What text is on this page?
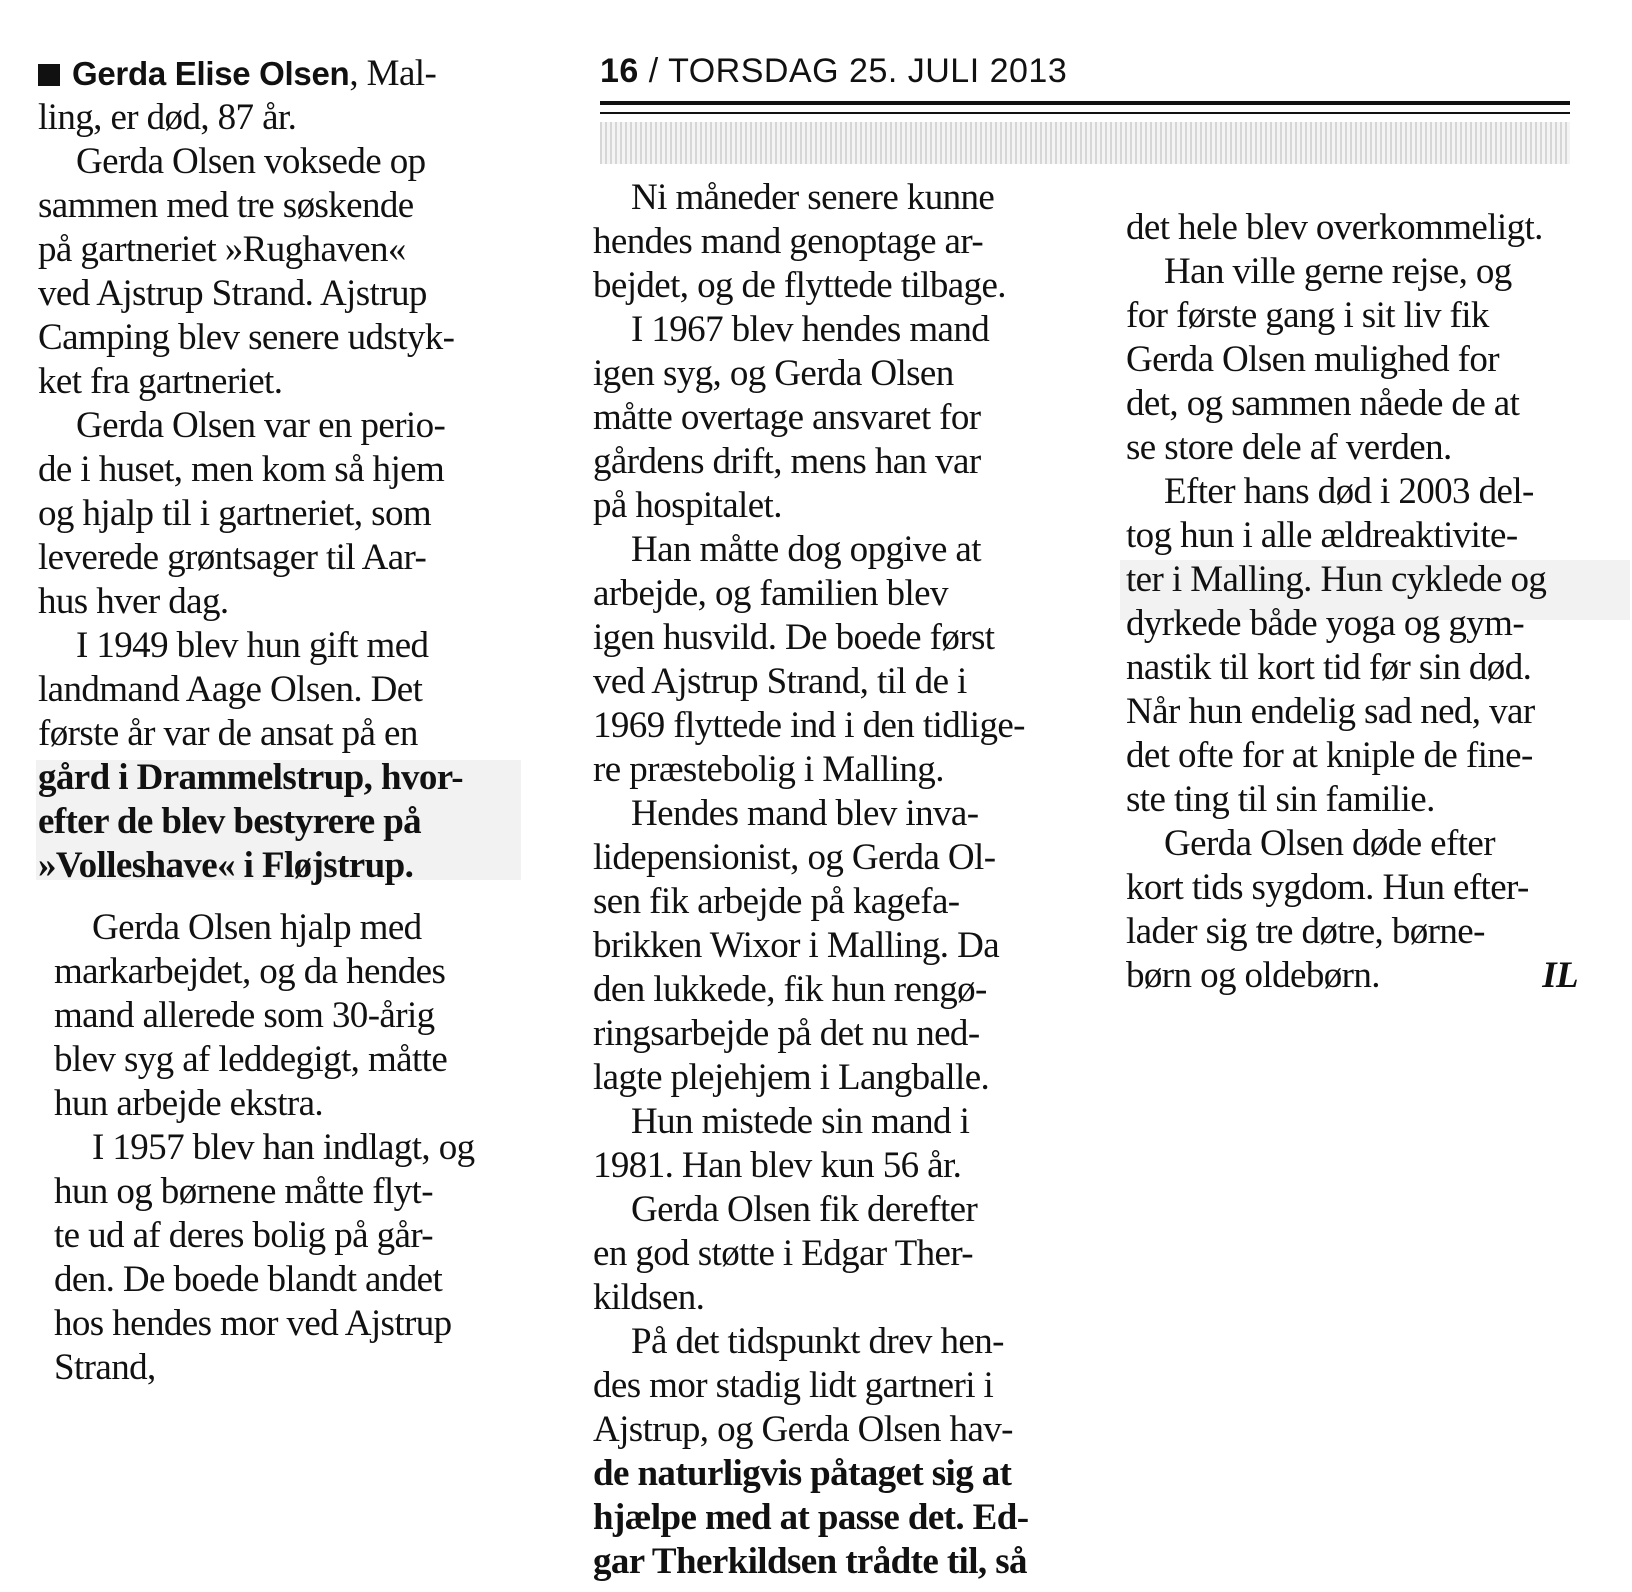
16 / TORSDAG 25. JULI 2013

Gerda Elise Olsen, Mal-
ling, er død, 87 år.

Gerda Olsen voksede op
sammen med tre søskende
på gartneriet »Rughaven«
ved Ajstrup Strand. Ajstrup
Camping blev senere udstyk-
ket fra gartneriet.

Gerda Olsen var en perio-
de i huset, men kom så hjem
og hjalp til i gartneriet, som
leverede grøntsager til Aar-
hus hver dag.

I 1949 blev hun gift med
landmand Aage Olsen. Det
første år var de ansat på en
gård i Drammelstrup, hvor-
efter de blev bestyrere på
»Volleshave« i Fløjstrup.

Gerda Olsen hjalp med
markarbejdet, og da hendes
mand allerede som 30-årig
blev syg af leddegigt, måtte
hun arbejde ekstra.

I 1957 blev han indlagt, og
hun og børnene måtte flyt-
te ud af deres bolig på går-
den. De boede blandt andet
hos hendes mor ved Ajstrup
Strand,

Ni måneder senere kunne
hendes mand genoptage ar-
bejdet, og de flyttede tilbage.

I 1967 blev hendes mand
igen syg, og Gerda Olsen
måtte overtage ansvaret for
gårdens drift, mens han var
på hospitalet.

Han måtte dog opgive at
arbejde, og familien blev
igen husvild. De boede først
ved Ajstrup Strand, til de i
1969 flyttede ind i den tidlige-
re præstebolig i Malling.

Hendes mand blev inva-
lidepensionist, og Gerda Ol-
sen fik arbejde på kagefa-
brikken Wixor i Malling. Da
den lukkede, fik hun rengø-
ringsarbejde på det nu ned-
lagte plejehjem i Langballe.

Hun mistede sin mand i
1981. Han blev kun 56 år.

Gerda Olsen fik derefter
en god støtte i Edgar Ther-
kildsen.

På det tidspunkt drev hen-
des mor stadig lidt gartneri i
Ajstrup, og Gerda Olsen hav-
de naturligvis påtaget sig at
hjælpe med at passe det. Ed-
gar Therkildsen trådte til, så

det hele blev overkommeligt.

Han ville gerne rejse, og
for første gang i sit liv fik
Gerda Olsen mulighed for
det, og sammen nåede de at
se store dele af verden.

Efter hans død i 2003 del-
tog hun i alle ældreaktivite-
ter i Malling. Hun cyklede og
dyrkede både yoga og gym-
nastik til kort tid før sin død.
Når hun endelig sad ned, var
det ofte for at kniple de fine-
ste ting til sin familie.

Gerda Olsen døde efter
kort tids sygdom. Hun efter-
lader sig tre døtre, børne-
børn og oldebørn.	IL
